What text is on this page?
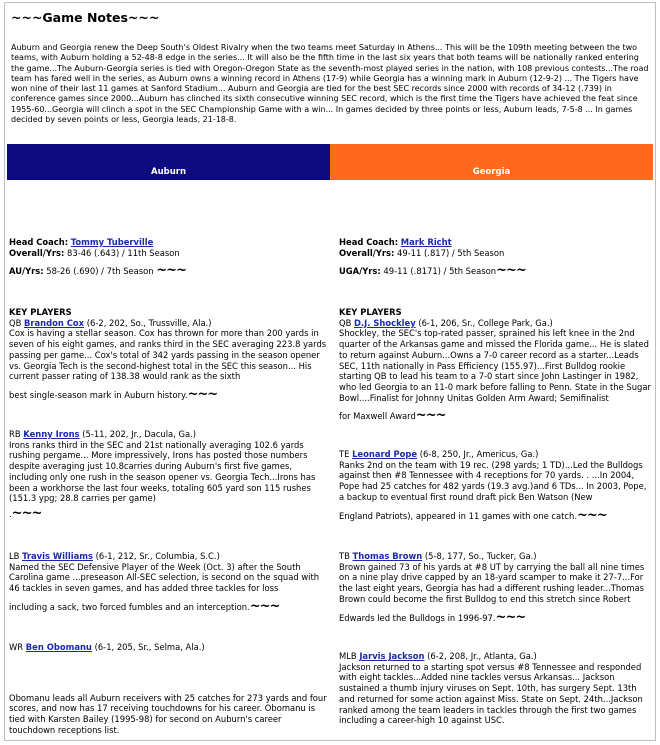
~~~Game Notes~~~
Auburn and Georgia renew the Deep South's Oldest Rivalry when the two teams meet Saturday in Athens... This will be the 109th meeting between the two teams, with Auburn holding a 52-48-8 edge in the series... It will also be the fifth time in the last six years that both teams will be nationally ranked entering the game...The Auburn-Georgia series is tied with Oregon-Oregon State as the seventh-most played series in the nation, with 108 previous contests...The road team has fared well in the series, as Auburn owns a winning record in Athens (17-9) while Georgia has a winning mark in Auburn (12-9-2) ... The Tigers have won nine of their last 11 games at Sanford Stadium... Auburn and Georgia are tied for the best SEC records since 2000 with records of 34-12 (.739) in conference games since 2000...Auburn has clinched its sixth consecutive winning SEC record, which is the first time the Tigers have achieved the feat since 1955-60...Georgia will clinch a spot in the SEC Championship Game with a win... In games decided by three points or less, Auburn leads, 7-5-8 ... In games decided by seven points or less, Georgia leads, 21-18-8.
Auburn	Georgia
Head Coach: Tommy Tuberville
Overall/Yrs: 83-46 (.643) / 11th Season
AU/Yrs: 58-26 (.690) / 7th Season ~~~
KEY PLAYERS
QB Brandon Cox (6-2, 202, So., Trussville, Ala.)
Cox is having a stellar season. Cox has thrown for more than 200 yards in seven of his eight games, and ranks third in the SEC averaging 223.8 yards passing per game... Cox's total of 342 yards passing in the season opener vs. Georgia Tech is the second-highest total in the SEC this season... His current passer rating of 138.38 would rank as the sixth
best single-season mark in Auburn history.~~~
RB Kenny Irons (5-11, 202, Jr., Dacula, Ga.)
Irons ranks third in the SEC and 21st nationally averaging 102.6 yards rushing pergame... More impressively, Irons has posted those numbers despite averaging just 10.8carries during Auburn's first five games, including only one rush in the season opener vs. Georgia Tech...Irons has been a workhorse the last four weeks, totaling 605 yard son 115 rushes (151.3 ypg; 28.8 carries per game)
.~~~
LB Travis Williams (6-1, 212, Sr., Columbia, S.C.)
Named the SEC Defensive Player of the Week (Oct. 3) after the South Carolina game ...preseason All-SEC selection, is second on the squad with 46 tackles in seven games, and has added three tackles for loss
including a sack, two forced fumbles and an interception.~~~
WR Ben Obomanu (6-1, 205, Sr., Selma, Ala.)
Obomanu leads all Auburn receivers with 25 catches for 273 yards and four scores, and now has 17 receiving touchdowns for his career. Obomanu is tied with Karsten Bailey (1995-98) for second on Auburn's career touchdown receptions list.
Head Coach: Mark Richt
Overall/Yrs: 49-11 (.817) / 5th Season
UGA/Yrs: 49-11 (.8171) / 5th Season~~~
KEY PLAYERS
QB D.J. Shockley (6-1, 206, Sr., College Park, Ga.)
Shockley, the SEC's top-rated passer, sprained his left knee in the 2nd quarter of the Arkansas game and missed the Florida game... He is slated to return against Auburn...Owns a 7-0 career record as a starter...Leads SEC, 11th nationally in Pass Efficiency (155.97)...First Bulldog rookie starting QB to lead his team to a 7-0 start since John Lastinger in 1982, who led Georgia to an 11-0 mark before falling to Penn. State in the Sugar Bowl....Finalist for Johnny Unitas Golden Arm Award; Semifinalist
for Maxwell Award~~~
TE Leonard Pope (6-8, 250, Jr., Americus, Ga.)
Ranks 2nd on the team with 19 rec. (298 yards; 1 TD)...Led the Bulldogs against then #8 Tennessee with 4 receptions for 70 yards. . ...In 2004, Pope had 25 catches for 482 yards (19.3 avg.)and 6 TDs... In 2003, Pope, a backup to eventual first round draft pick Ben Watson (New
England Patriots), appeared in 11 games with one catch.~~~
TB Thomas Brown (5-8, 177, So., Tucker, Ga.)
Brown gained 73 of his yards at #8 UT by carrying the ball all nine times on a nine play drive capped by an 18-yard scamper to make it 27-7...For the last eight years, Georgia has had a different rushing leader...Thomas Brown could become the first Bulldog to end this stretch since Robert
Edwards led the Bulldogs in 1996-97.~~~
MLB Jarvis Jackson (6-2, 208, Jr., Atlanta, Ga.)
Jackson returned to a starting spot versus #8 Tennessee and responded with eight tackles...Added nine tackles versus Arkansas... Jackson sustained a thumb injury viruses on Sept. 10th, has surgery Sept. 13th and returned for some action against Miss. State on Sept. 24th...Jackson ranked among the team leaders in tackles through the first two games including a career-high 10 against USC.
